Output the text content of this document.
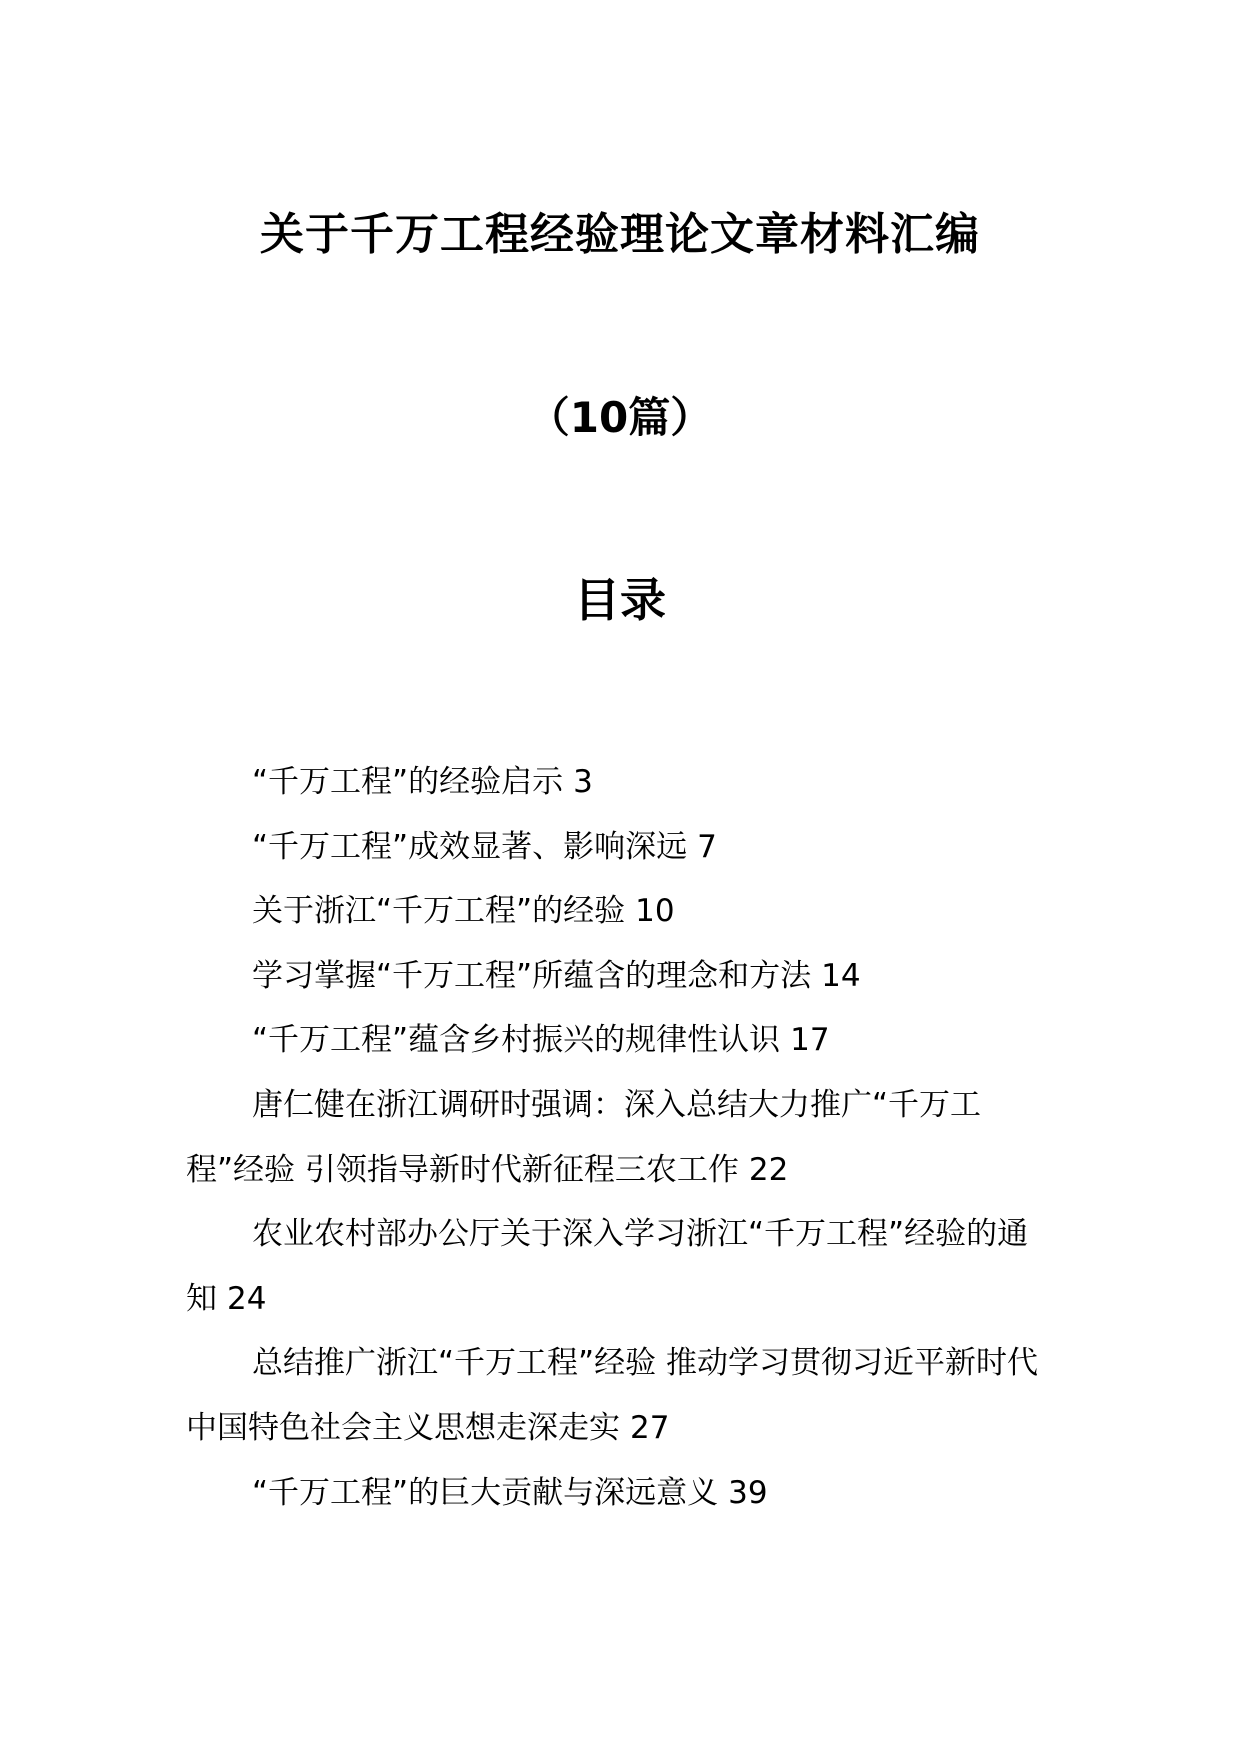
关于千万工程经验理论文章材料汇编
（10篇）
目录
“千万工程”的经验启示 3
“千万工程”成效显著、影响深远 7
关于浙江“千万工程”的经验 10
学习掌握“千万工程”所蕴含的理念和方法 14
“千万工程”蕴含乡村振兴的规律性认识 17
唐仁健在浙江调研时强调：深入总结大力推广“千万工程”经验 引领指导新时代新征程三农工作 22
农业农村部办公厅关于深入学习浙江“千万工程”经验的通知 24
总结推广浙江“千万工程”经验 推动学习贯彻习近平新时代中国特色社会主义思想走深走实 27
“千万工程”的巨大贡献与深远意义 39
